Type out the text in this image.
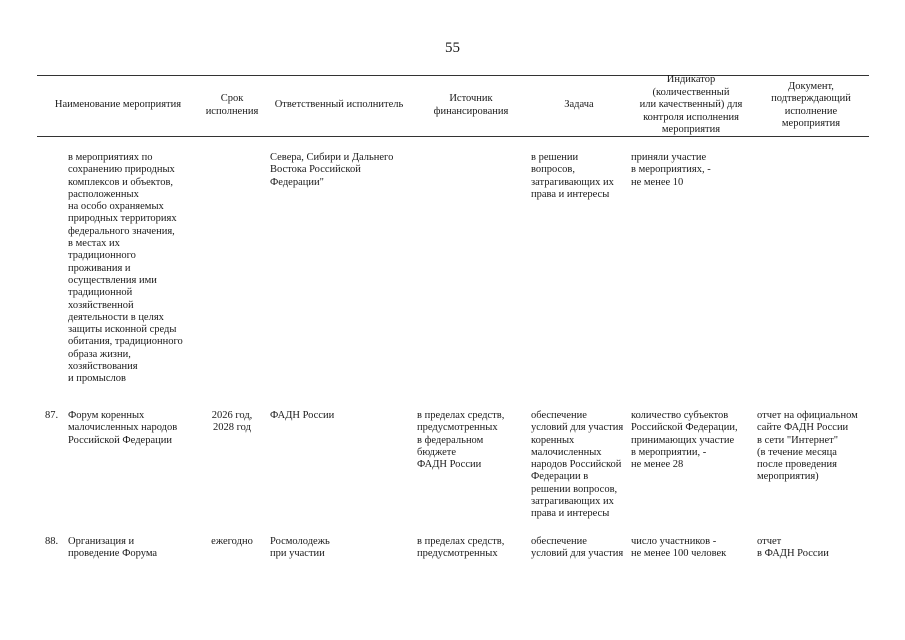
55
Наименование мероприятия
Срок
исполнения
Ответственный исполнитель
Источник
финансирования
Задача
Индикатор
(количественный
или качественный) для
контроля исполнения
мероприятия
Документ,
подтверждающий
исполнение
мероприятия
в мероприятиях по
сохранению природных
комплексов и объектов,
расположенных
на особо охраняемых
природных территориях
федерального значения,
в местах их
традиционного
проживания и
осуществления ими
традиционной
хозяйственной
деятельности в целях
защиты исконной среды
обитания, традиционного
образа жизни,
хозяйствования
и промыслов
Севера, Сибири и Дальнего
Востока Российской
Федерации"
в решении
вопросов,
затрагивающих их
права и интересы
приняли участие
в мероприятиях, -
не менее 10
87. Форум коренных
малочисленных народов
Российской Федерации
2026 год,
2028 год
ФАДН России	в пределах средств,
предусмотренных
в федеральном
бюджете
ФАДН России
обеспечение
условий для участия
коренных
малочисленных
народов Российской
Федерации в
решении вопросов,
затрагивающих их
права и интересы
количество субъектов
Российской Федерации,
принимающих участие
в мероприятии, -
не менее 28
отчет на официальном
сайте ФАДН России
в сети "Интернет"
(в течение месяца
после проведения
мероприятия)
88. Организация и
проведение Форума
ежегодно	Росмолодежь
при участии
в пределах средств,
предусмотренных
обеспечение
условий для участия
число участников -
не менее 100 человек
отчет
в ФАДН России
